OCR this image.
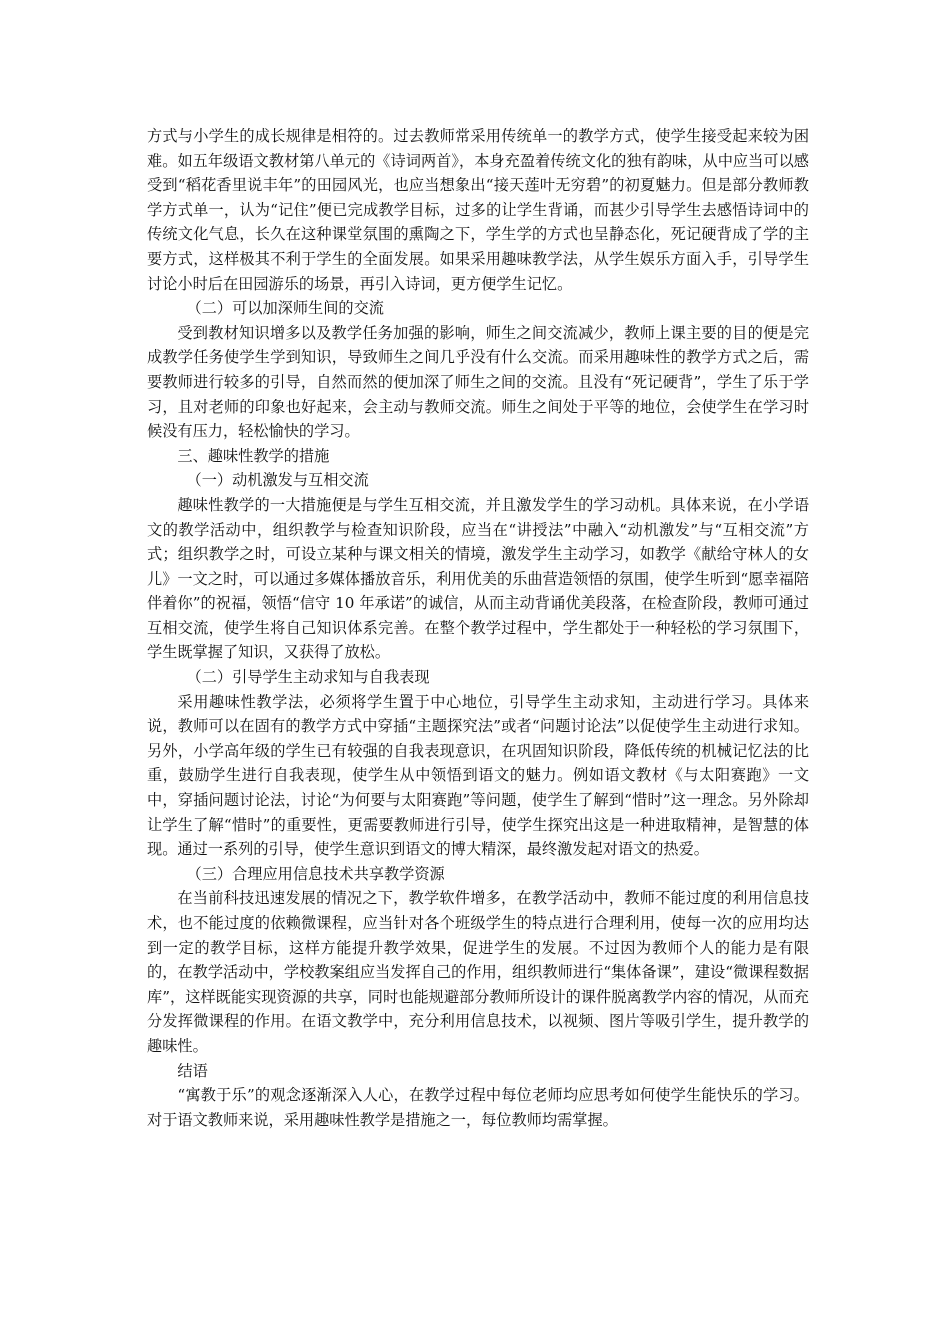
方式与小学生的成长规律是相符的。过去教师常采用传统单一的教学方式，使学生接受起来较为困难。如五年级语文教材第八单元的《诗词两首》，本身充盈着传统文化的独有韵味，从中应当可以感受到“稻花香里说丰年”的田园风光，也应当想象出“接天莲叶无穷碧”的初夏魅力。但是部分教师教学方式单一，认为“记住”便已完成教学目标，过多的让学生背诵，而甚少引导学生去感悟诗词中的传统文化气息，长久在这种课堂氛围的熏陶之下，学生学的方式也呈静态化，死记硬背成了学的主要方式，这样极其不利于学生的全面发展。如果采用趣味教学法，从学生娱乐方面入手，引导学生讨论小时后在田园游乐的场景，再引入诗词，更方便学生记忆。

（二）可以加深师生间的交流

受到教材知识增多以及教学任务加强的影响，师生之间交流减少，教师上课主要的目的便是完成教学任务使学生学到知识，导致师生之间几乎没有什么交流。而采用趣味性的教学方式之后，需要教师进行较多的引导，自然而然的便加深了师生之间的交流。且没有“死记硬背”，学生了乐于学习，且对老师的印象也好起来，会主动与教师交流。师生之间处于平等的地位，会使学生在学习时候没有压力，轻松愉快的学习。

三、趣味性教学的措施

（一）动机激发与互相交流

趣味性教学的一大措施便是与学生互相交流，并且激发学生的学习动机。具体来说，在小学语文的教学活动中，组织教学与检查知识阶段，应当在“讲授法”中融入“动机激发”与“互相交流”方式；组织教学之时，可设立某种与课文相关的情境，激发学生主动学习，如教学《献给守林人的女儿》一文之时，可以通过多媒体播放音乐，利用优美的乐曲营造领悟的氛围，使学生听到“愿幸福陪伴着你”的祝福，领悟“信守 10 年承诺”的诚信，从而主动背诵优美段落，在检查阶段，教师可通过互相交流，使学生将自己知识体系完善。在整个教学过程中，学生都处于一种轻松的学习氛围下，学生既掌握了知识，又获得了放松。

（二）引导学生主动求知与自我表现

采用趣味性教学法，必须将学生置于中心地位，引导学生主动求知，主动进行学习。具体来说，教师可以在固有的教学方式中穿插“主题探究法”或者“问题讨论法”以促使学生主动进行求知。另外，小学高年级的学生已有较强的自我表现意识，在巩固知识阶段，降低传统的机械记忆法的比重，鼓励学生进行自我表现，使学生从中领悟到语文的魅力。例如语文教材《与太阳赛跑》一文中，穿插问题讨论法，讨论“为何要与太阳赛跑”等问题，使学生了解到“惜时”这一理念。另外除却让学生了解“惜时”的重要性，更需要教师进行引导，使学生探究出这是一种进取精神，是智慧的体现。通过一系列的引导，使学生意识到语文的博大精深，最终激发起对语文的热爱。

（三）合理应用信息技术共享教学资源

在当前科技迅速发展的情况之下，教学软件增多，在教学活动中，教师不能过度的利用信息技术，也不能过度的依赖微课程，应当针对各个班级学生的特点进行合理利用，使每一次的应用均达到一定的教学目标，这样方能提升教学效果，促进学生的发展。不过因为教师个人的能力是有限的，在教学活动中，学校教案组应当发挥自己的作用，组织教师进行“集体备课”，建设“微课程数据库”，这样既能实现资源的共享，同时也能规避部分教师所设计的课件脱离教学内容的情况，从而充分发挥微课程的作用。在语文教学中，充分利用信息技术，以视频、图片等吸引学生，提升教学的趣味性。

结语

“寓教于乐”的观念逐渐深入人心，在教学过程中每位老师均应思考如何使学生能快乐的学习。对于语文教师来说，采用趣味性教学是措施之一，每位教师均需掌握。
